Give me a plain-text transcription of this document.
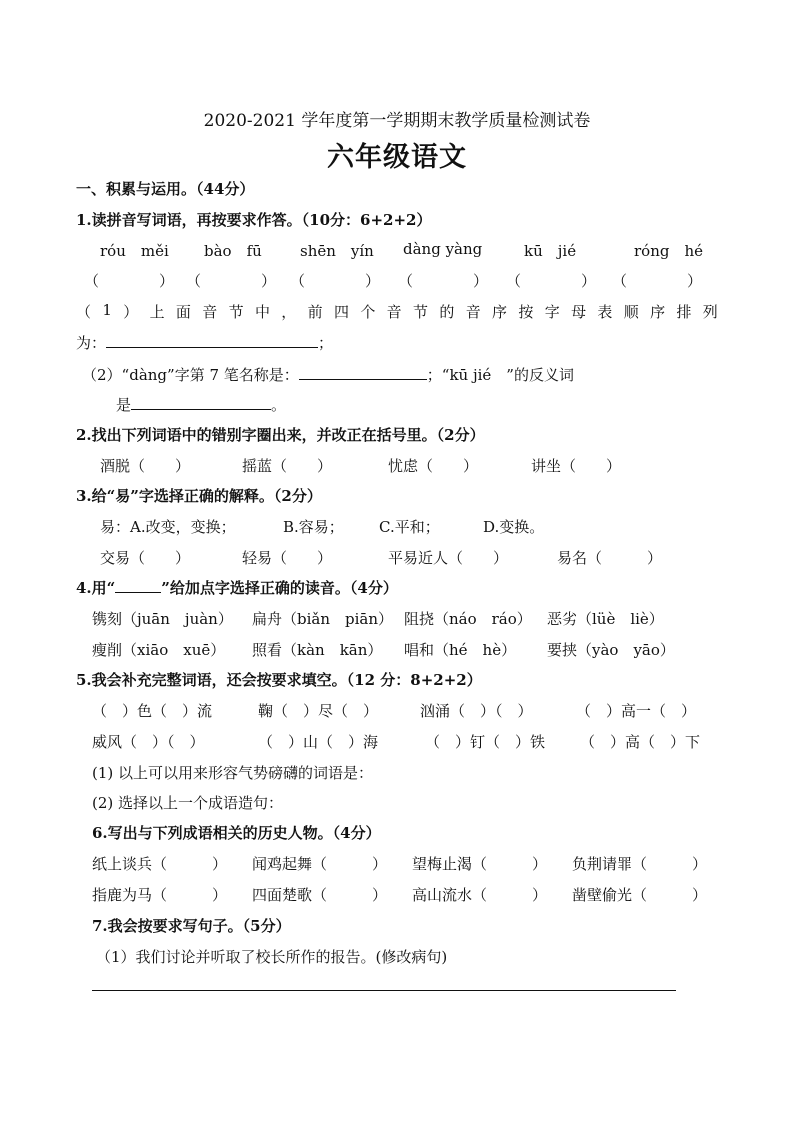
2020-2021 学年度第一学期期末教学质量检测试卷
六年级语文
一、积累与运用。（44分）
1.读拼音写词语，再按要求作答。（10分：6+2+2）
róu　měi bào　fū	shēn　yín dàng yàng	kū　jié	róng　hé
（　　　　） （　　　　） （　　　　） （　　　　） （　　　　） （　　　　）
（ 1 ） 上 面 音 节 中 ， 前 四 个 音 节 的 音 序 按 字 母 表 顺 序 排 列
为：	；
（2）“dàng”字第 7 笔名称是：	；“kū jié　”的反义词
是	。
2.找出下列词语中的错别字圈出来，并改正在括号里。（2分）
酒脱（　　）	摇蓝（　　）	忧虑（　　）	讲坐（　　）
3.给“易”字选择正确的解释。（2分）
易：A.改变，变换；	B.容易； C.平和；	D.变换。
交易（　　）	轻易（　　）	平易近人（　　）	易名（　　　）
4.用“	”给加点字选择正确的读音。（4分）
镌刻（juān　juàn） 扁舟（biǎn　piān） 阻挠（náo　ráo） 恶劣（lüè　liè）
瘦削（xiāo　xuē） 照看（kàn　kān） 唱和（hé　hè） 要挟（yào　yāo）
5.我会补充完整词语，还会按要求填空。（12 分：8+2+2）
（　）色（　）流	鞠（　）尽（　）	汹涌（　）（　）	（　）高一（　）
威风（　）（　）	（　）山（　）海	（　）钉（　）铁 （　）高（　）下
(1) 以上可以用来形容气势磅礴的词语是：
(2) 选择以上一个成语造句：
6.写出与下列成语相关的历史人物。（4分）
纸上谈兵（　　　） 闻鸡起舞（　　　） 望梅止渴（　　　） 负荆请罪（　　　）
指鹿为马（　　　） 四面楚歌（　　　） 高山流水（　　　） 凿壁偷光（　　　）
7.我会按要求写句子。（5分）
（1）我们讨论并听取了校长所作的报告。(修改病句)
